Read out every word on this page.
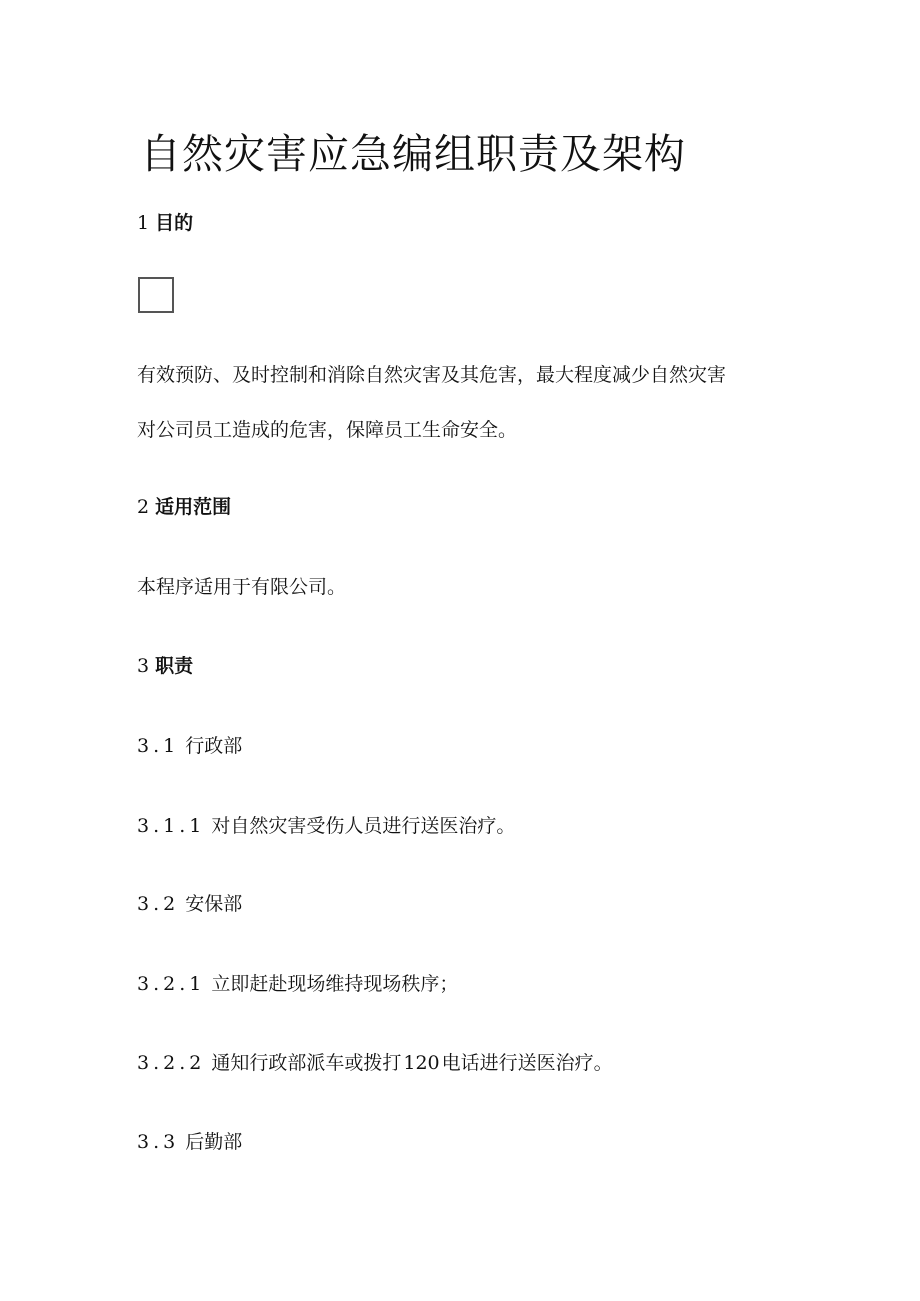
自然灾害应急编组职责及架构
1 目的
有效预防、及时控制和消除自然灾害及其危害，最大程度减少自然灾害
对公司员工造成的危害，保障员工生命安全。
2 适用范围
本程序适用于有限公司。
3 职责
3.1 行政部
3.1.1 对自然灾害受伤人员进行送医治疗。
3.2 安保部
3.2.1 立即赶赴现场维持现场秩序；
3.2.2 通知行政部派车或拨打 120 电话进行送医治疗。
3.3 后勤部
